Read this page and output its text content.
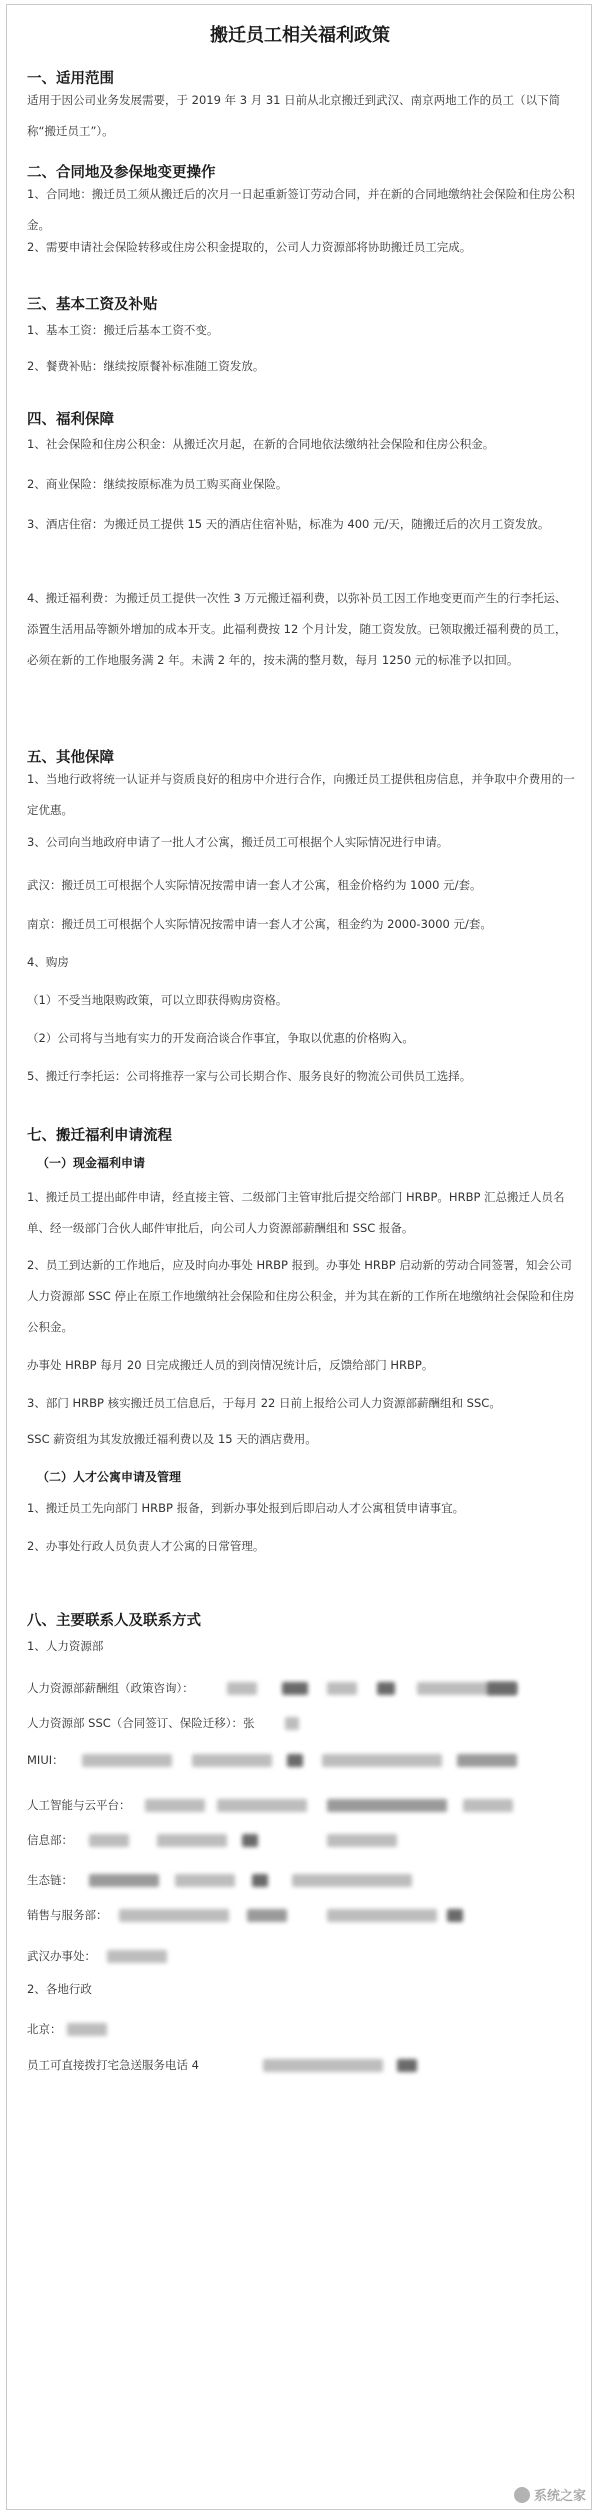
搬迁员工相关福利政策
一、适用范围
适用于因公司业务发展需要，于 2019 年 3 月 31 日前从北京搬迁到武汉、南京两地工作的员工（以下简称“搬迁员工”）。
二、合同地及参保地变更操作
1、合同地：搬迁员工须从搬迁后的次月一日起重新签订劳动合同，并在新的合同地缴纳社会保险和住房公积金。
2、需要申请社会保险转移或住房公积金提取的，公司人力资源部将协助搬迁员工完成。
三、基本工资及补贴
1、基本工资：搬迁后基本工资不变。
2、餐费补贴：继续按原餐补标准随工资发放。
四、福利保障
1、社会保险和住房公积金：从搬迁次月起，在新的合同地依法缴纳社会保险和住房公积金。
2、商业保险：继续按原标准为员工购买商业保险。
3、酒店住宿：为搬迁员工提供 15 天的酒店住宿补贴，标准为 400 元/天，随搬迁后的次月工资发放。
4、搬迁福利费：为搬迁员工提供一次性 3 万元搬迁福利费，以弥补员工因工作地变更而产生的行李托运、添置生活用品等额外增加的成本开支。此福利费按 12 个月计发，随工资发放。已领取搬迁福利费的员工，必须在新的工作地服务满 2 年。未满 2 年的，按未满的整月数，每月 1250 元的标准予以扣回。
五、其他保障
1、当地行政将统一认证并与资质良好的租房中介进行合作，向搬迁员工提供租房信息，并争取中介费用的一定优惠。
3、公司向当地政府申请了一批人才公寓，搬迁员工可根据个人实际情况进行申请。
武汉：搬迁员工可根据个人实际情况按需申请一套人才公寓，租金价格约为 1000 元/套。
南京：搬迁员工可根据个人实际情况按需申请一套人才公寓，租金约为 2000-3000 元/套。
4、购房
（1）不受当地限购政策，可以立即获得购房资格。
（2）公司将与当地有实力的开发商洽谈合作事宜，争取以优惠的价格购入。
5、搬迁行李托运：公司将推荐一家与公司长期合作、服务良好的物流公司供员工选择。
七、搬迁福利申请流程
（一）现金福利申请
1、搬迁员工提出邮件申请，经直接主管、二级部门主管审批后提交给部门 HRBP。HRBP 汇总搬迁人员名单、经一级部门合伙人邮件审批后，向公司人力资源部薪酬组和 SSC 报备。
2、员工到达新的工作地后，应及时向办事处 HRBP 报到。办事处 HRBP 启动新的劳动合同签署，知会公司人力资源部 SSC 停止在原工作地缴纳社会保险和住房公积金，并为其在新的工作所在地缴纳社会保险和住房公积金。
办事处 HRBP 每月 20 日完成搬迁人员的到岗情况统计后，反馈给部门 HRBP。
3、部门 HRBP 核实搬迁员工信息后，于每月 22 日前上报给公司人力资源部薪酬组和 SSC。
SSC 薪资组为其发放搬迁福利费以及 15 天的酒店费用。
（二）人才公寓申请及管理
1、搬迁员工先向部门 HRBP 报备，到新办事处报到后即启动人才公寓租赁申请事宜。
2、办事处行政人员负责人才公寓的日常管理。
八、主要联系人及联系方式
1、人力资源部
人力资源部薪酬组（政策咨询）：
人力资源部 SSC（合同签订、保险迁移）：张
MIUI：
人工智能与云平台：
信息部：
生态链：
销售与服务部：
武汉办事处：
2、各地行政
北京：
员工可直接拨打宅急送服务电话 4
系统之家
